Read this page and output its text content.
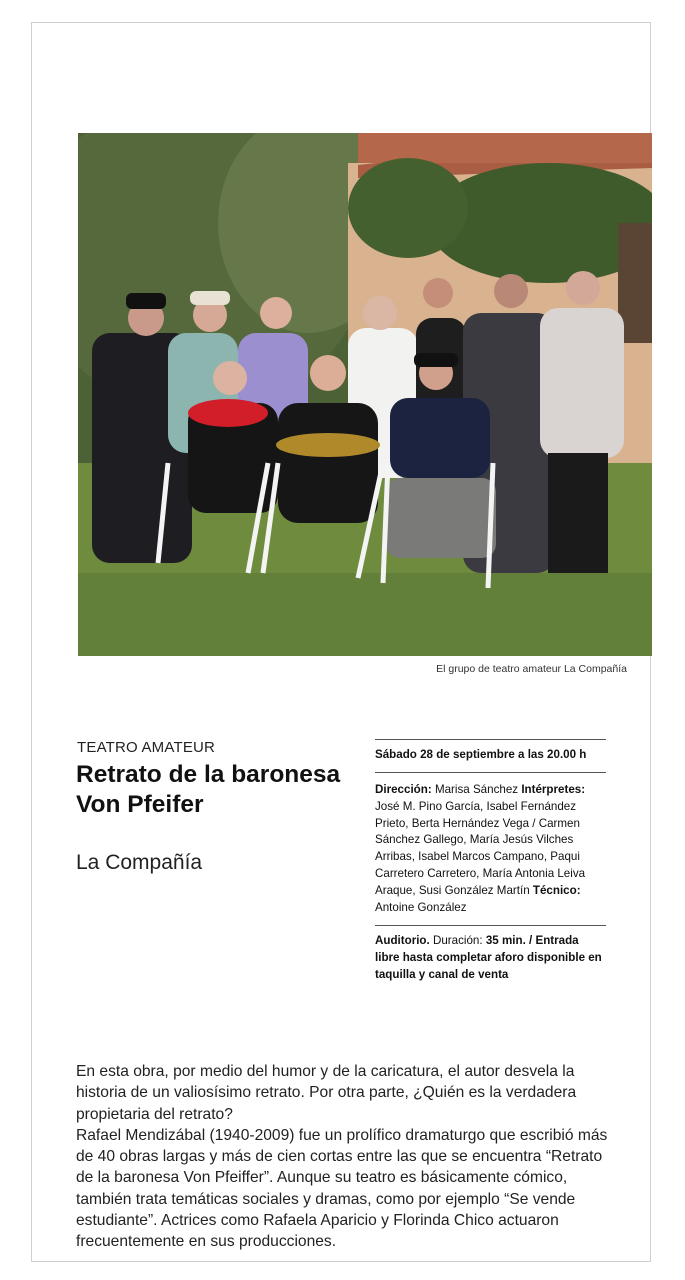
El grupo de teatro amateur La Compañía
TEATRO AMATEUR
Retrato de la baronesa Von Pfeifer
La Compañía
Sábado 28 de septiembre a las 20.00 h
Dirección: Marisa Sánchez Intérpretes: José M. Pino García, Isabel Fernández Prieto, Berta Hernández Vega / Carmen Sánchez Gallego, María Jesús Vilches Arribas, Isabel Marcos Campano, Paqui Carretero Carretero, María Antonia Leiva Araque, Susi González Martín Técnico: Antoine González
Auditorio. Duración: 35 min. / Entrada libre hasta completar aforo disponible en taquilla y canal de venta

En esta obra, por medio del humor y de la caricatura, el autor desvela la historia de un valiosísimo retrato. Por otra parte, ¿Quién es la verdadera propietaria del retrato?

Rafael Mendizábal (1940-2009) fue un prolífico dramaturgo que escribió más de 40 obras largas y más de cien cortas entre las que se encuentra “Retrato de la baronesa Von Pfeiffer”. Aunque su teatro es básicamente cómico, también trata temáticas sociales y dramas, como por ejemplo “Se vende estudiante”. Actrices como Rafaela Aparicio y Florinda Chico actuaron frecuentemente en sus producciones.
